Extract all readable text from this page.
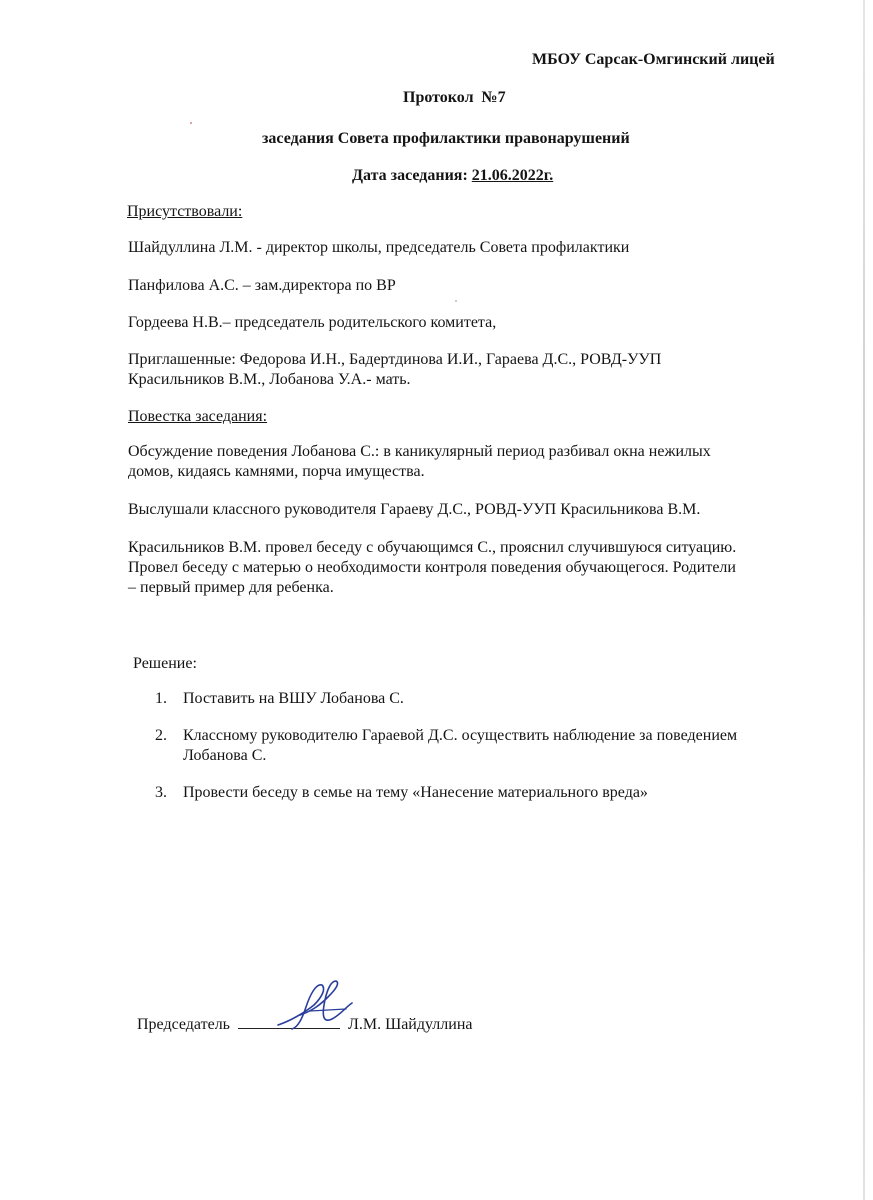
МБОУ Сарсак-Омгинский лицей
Протокол  №7
заседания Совета профилактики правонарушений
Дата заседания: 21.06.2022г.
Присутствовали:
Шайдуллина Л.М. - директор школы, председатель Совета профилактики
Панфилова А.С. – зам.директора по ВР
Гордеева Н.В.– председатель родительского комитета,
Приглашенные: Федорова И.Н., Бадертдинова И.И., Гараева Д.С., РОВД-УУП
Красильников В.М., Лобанова У.А.- мать.
Повестка заседания:
Обсуждение поведения Лобанова С.: в каникулярный период разбивал окна нежилых
домов, кидаясь камнями, порча имущества.
Выслушали классного руководителя Гараеву Д.С., РОВД-УУП Красильникова В.М.
Красильников В.М. провел беседу с обучающимся С., прояснил случившуюся ситуацию.
Провел беседу с матерью о необходимости контроля поведения обучающегося. Родители
– первый пример для ребенка.
Решение:
1. Поставить на ВШУ Лобанова С.
2. Классному руководителю Гараевой Д.С. осуществить наблюдение за поведением
Лобанова С.
3. Провести беседу в семье на тему «Нанесение материального вреда»
Председатель	Л.М. Шайдуллина
